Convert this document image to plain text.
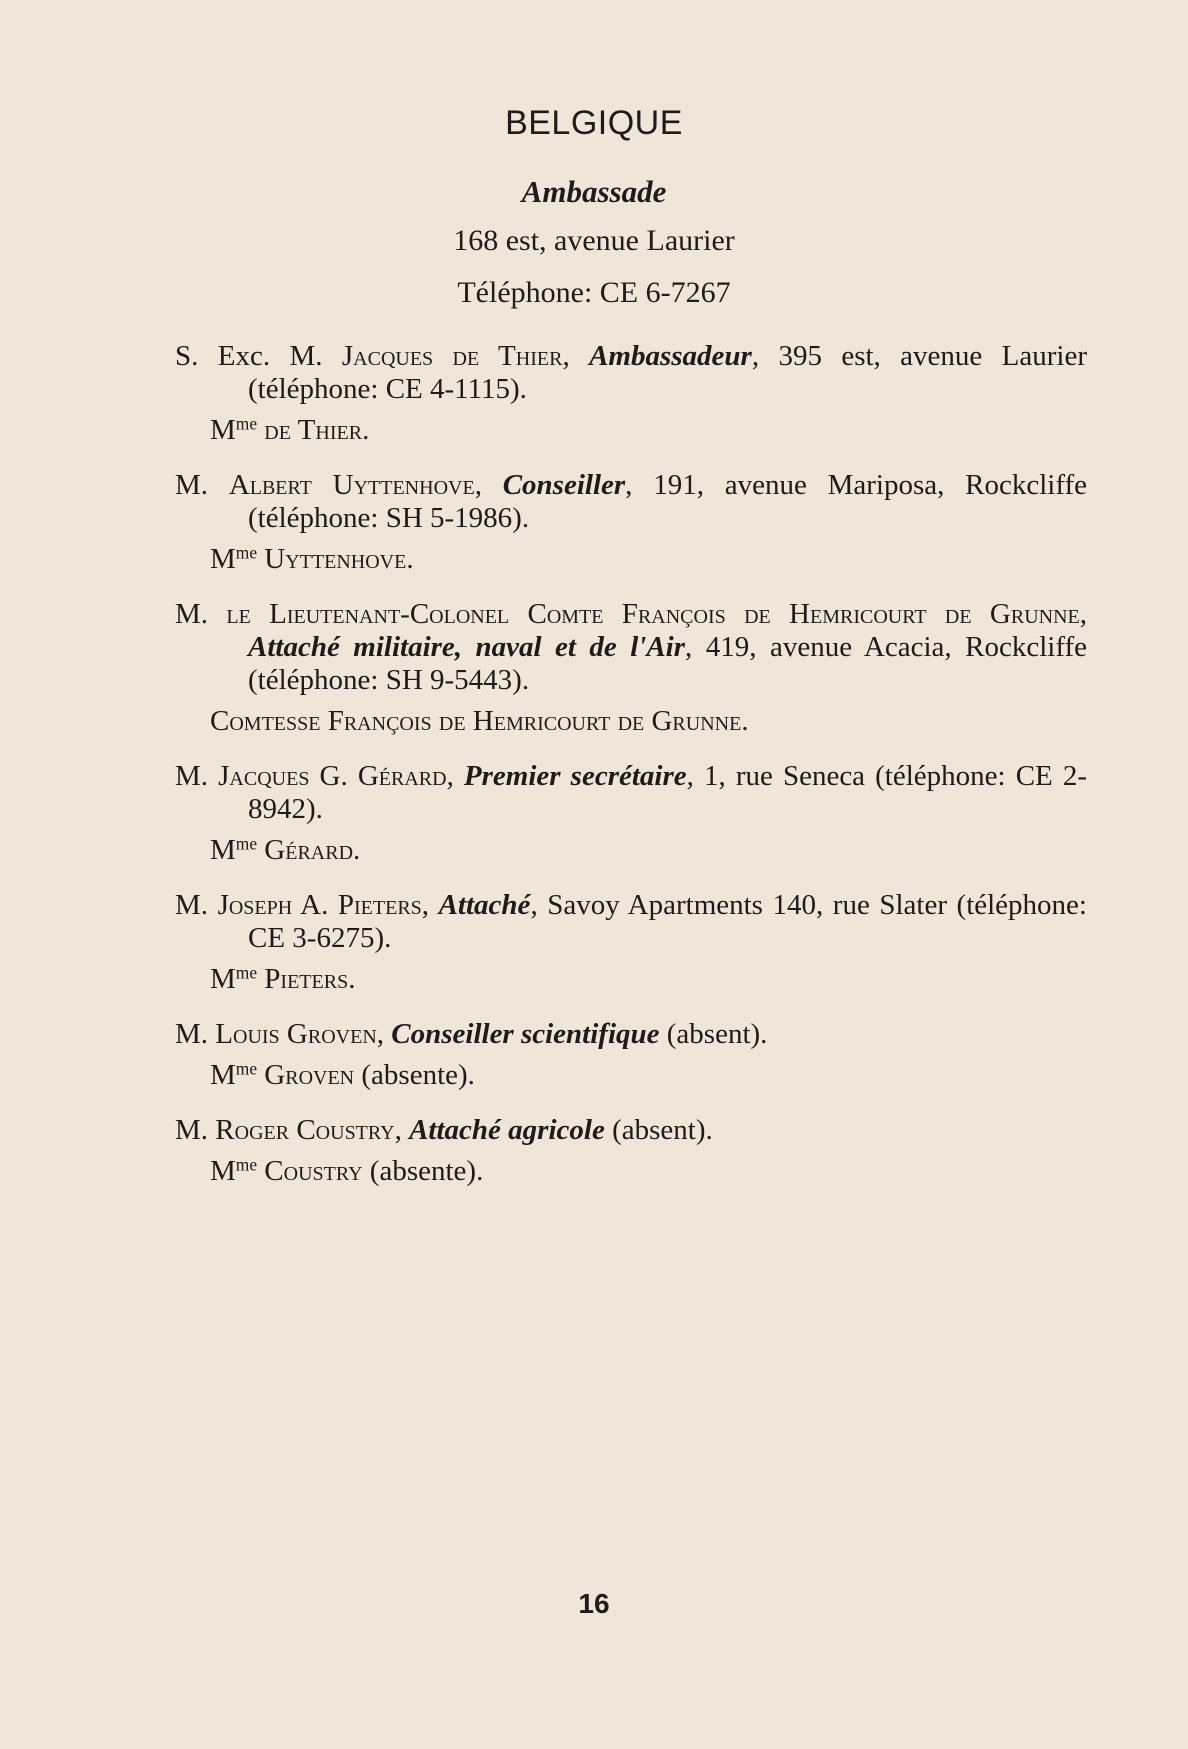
BELGIQUE
Ambassade
168 est, avenue Laurier
Téléphone: CE 6-7267
S. Exc. M. Jacques de Thier, Ambassadeur, 395 est, avenue Laurier (téléphone: CE 4-1115).
$M^{me}$ de Thier.
M. Albert Uyttenhove, Conseiller, 191, avenue Mariposa, Rockcliffe (téléphone: SH 5-1986).
$M^{me}$ Uyttenhove.
M. le Lieutenant-Colonel Comte François de Hemricourt de Grunne, Attaché militaire, naval et de l'Air, 419, avenue Acacia, Rockcliffe (téléphone: SH 9-5443).
Comtesse François de Hemricourt de Grunne.
M. Jacques G. Gérard, Premier secrétaire, 1, rue Seneca (téléphone: CE 2-8942).
$M^{me}$ Gérard.
M. Joseph A. Pieters, Attaché, Savoy Apartments 140, rue Slater (téléphone: CE 3-6275).
$M^{me}$ Pieters.
M. Louis Groven, Conseiller scientifique (absent).
$M^{me}$ Groven (absente).
M. Roger Coustry, Attaché agricole (absent).
$M^{me}$ Coustry (absente).
16
